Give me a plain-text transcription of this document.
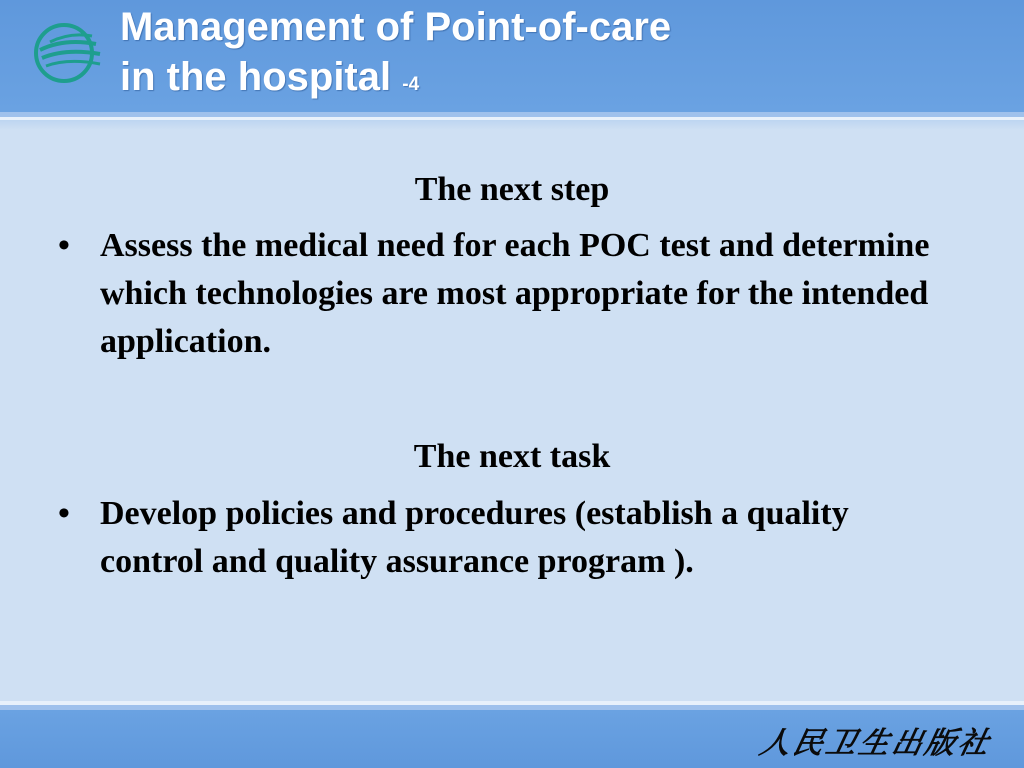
Management of Point-of-care
in the hospital -4

The next step

• Assess the medical need for each POC test and determine which technologies are most appropriate for the intended application.

The next task

• Develop policies and procedures (establish a quality control and quality assurance program ).
人民卫生出版社
